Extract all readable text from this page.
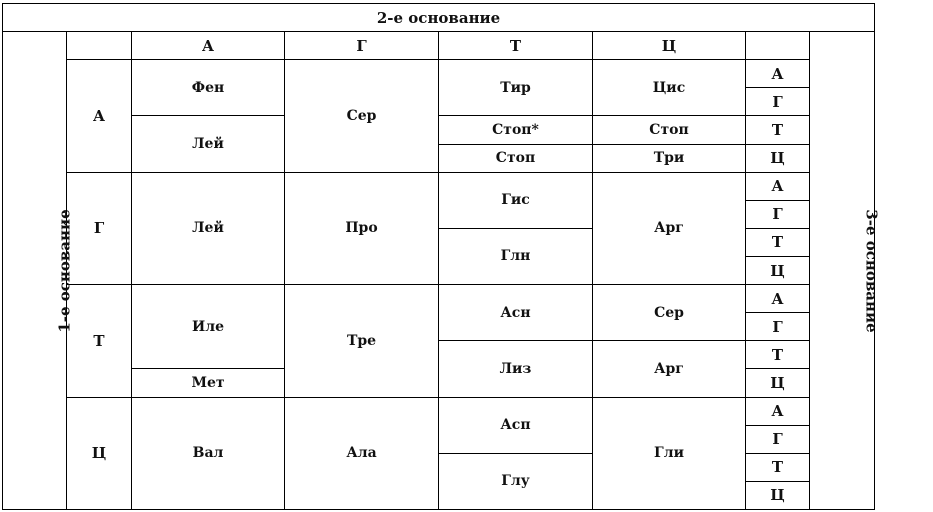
2-е основание							
1-е основание		А	Г	Т	Ц		3-е основание
	А	Фен	Сер	Тир	Цис	А	
						Г	
		Лей		Стоп*	Стоп	Т	
				Стоп	Три	Ц	
	Г	Лей	Про	Гис	Арг	А	
						Г	
				Глн		Т	
						Ц	
	Т	Иле	Тре	Асн	Сер	А	
						Г	
				Лиз	Арг	Т	
		Мет				Ц	
	Ц	Вал	Ала	Асп	Гли	А	
						Г	
				Глу		Т	
						Ц	
